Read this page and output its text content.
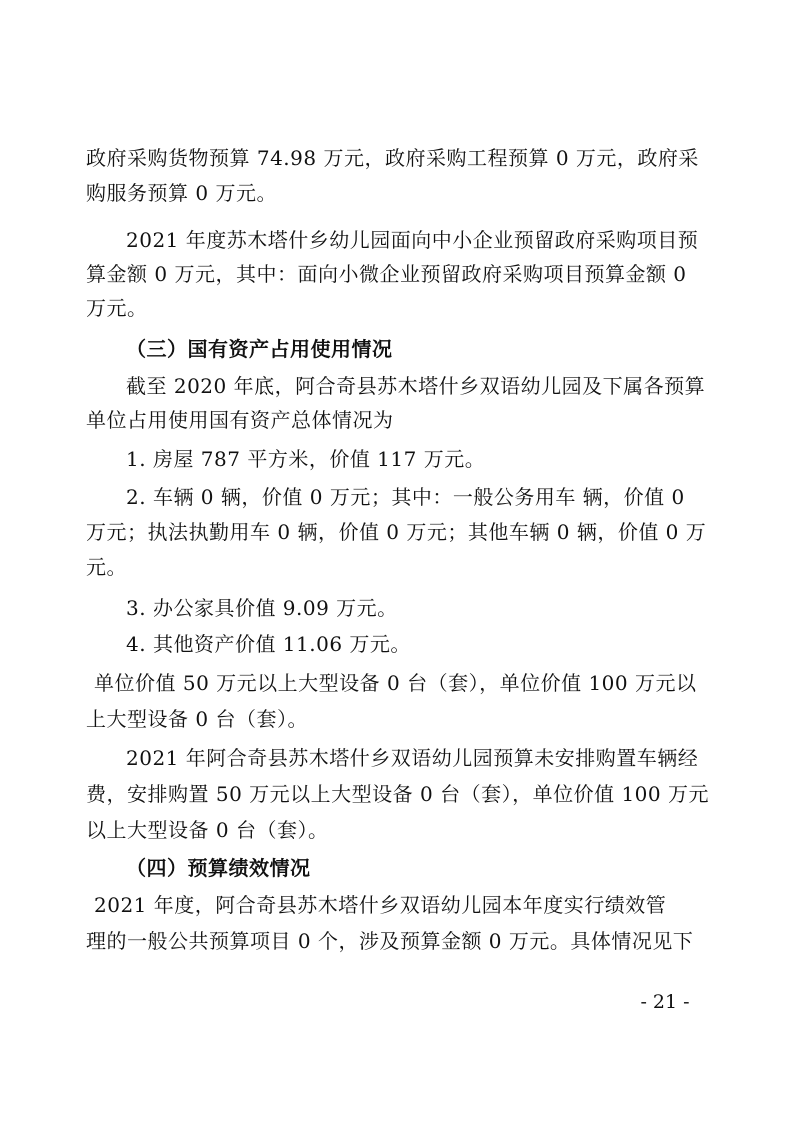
政府采购货物预算 74.98 万元，政府采购工程预算 0 万元，政府采
购服务预算 0 万元。
2021 年度苏木塔什乡幼儿园面向中小企业预留政府采购项目预
算金额 0 万元，其中：面向小微企业预留政府采购项目预算金额 0
万元。
（三）国有资产占用使用情况
截至 2020 年底，阿合奇县苏木塔什乡双语幼儿园及下属各预算
单位占用使用国有资产总体情况为
1. 房屋 787 平方米，价值 117 万元。
2. 车辆 0 辆，价值 0 万元；其中：一般公务用车 辆，价值 0
万元；执法执勤用车 0 辆，价值 0 万元；其他车辆 0 辆，价值 0 万
元。
3. 办公家具价值 9.09 万元。
4. 其他资产价值 11.06 万元。
单位价值 50 万元以上大型设备 0 台（套），单位价值 100 万元以
上大型设备 0 台（套）。
2021 年阿合奇县苏木塔什乡双语幼儿园预算未安排购置车辆经
费，安排购置 50 万元以上大型设备 0 台（套），单位价值 100 万元
以上大型设备 0 台（套）。
（四）预算绩效情况
2021 年度，阿合奇县苏木塔什乡双语幼儿园本年度实行绩效管
理的一般公共预算项目 0 个，涉及预算金额 0 万元。具体情况见下
- 21 -
